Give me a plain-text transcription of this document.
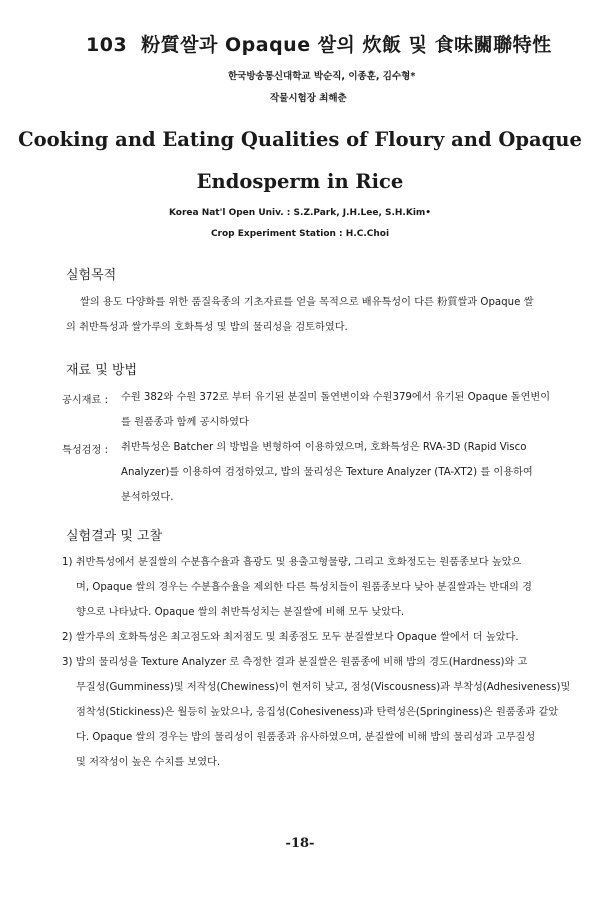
103 粉質쌀과 Opaque 쌀의 炊飯 및 食味關聯特性
한국방송통신대학교 박순직, 이종훈, 김수형*
작물시험장 최해춘
Cooking and Eating Qualities of Floury and Opaque
Endosperm in Rice
Korea Nat'l Open Univ. : S.Z.Park, J.H.Lee, S.H.Kim•
Crop Experiment Station : H.C.Choi
실험목적
쌀의 용도 다양화를 위한 품질육종의 기초자료를 얻을 목적으로 배유특성이 다른 粉質쌀과 Opaque 쌀
의 취반특성과 쌀가루의 호화특성 및 밥의 물리성을 검토하였다.
재료 및 방법
공시재료 : 수원 382와 수원 372로 부터 유기된 분질미 돌연변이와 수원379에서 유기된 Opaque 돌연변이
를 원품종과 함께 공시하였다
특성검정 : 취반특성은 Batcher 의 방법을 변형하여 이용하였으며, 호화특성은 RVA-3D (Rapid Visco
Analyzer)를 이용하여 검정하였고, 밥의 물리성은 Texture Analyzer (TA-XT2) 를 이용하여
분석하였다.
실험결과 및 고찰
1) 취반특성에서 분질쌀의 수분흡수율과 흡광도 및 용출고형물량, 그리고 호화정도는 원품종보다 높았으
며, Opaque 쌀의 경우는 수분흡수율을 제외한 다른 특성치들이 원품종보다 낮아 분질쌀과는 반대의 경
향으로 나타났다. Opaque 쌀의 취반특성치는 분질쌀에 비해 모두 낮았다.
2) 쌀가루의 호화특성은 최고점도와 최저점도 및 최종점도 모두 분질쌀보다 Opaque 쌀에서 더 높았다.
3) 밥의 물리성을 Texture Analyzer 로 측정한 결과 분질쌀은 원품종에 비해 밥의 경도(Hardness)와 고
무질성(Gumminess)및 저작성(Chewiness)이 현저히 낮고, 점성(Viscousness)과 부착성(Adhesiveness)및
점착성(Stickiness)은 월등히 높았으나, 응집성(Cohesiveness)과 탄력성은(Springiness)은 원품종과 같았
다. Opaque 쌀의 경우는 밥의 물리성이 원품종과 유사하였으며, 분질쌀에 비해 밥의 물리성과 고무질성
및 저작성이 높은 수치를 보였다.
-18-
